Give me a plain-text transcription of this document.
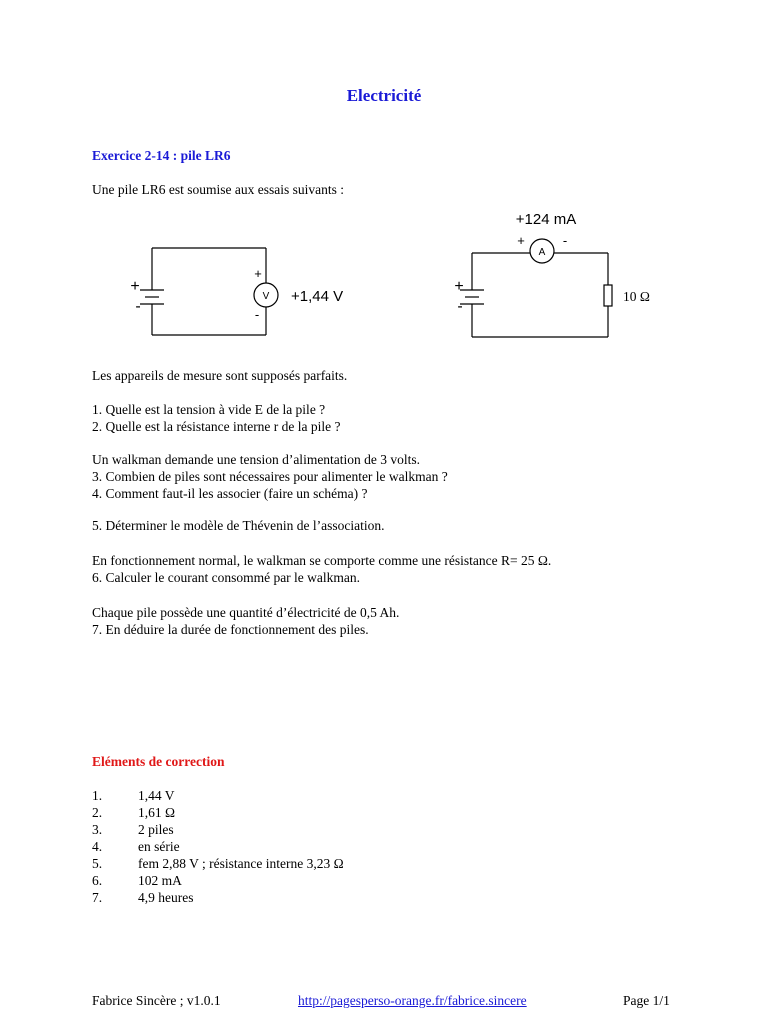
Electricité
Exercice 2-14 : pile LR6
Une pile LR6 est soumise aux essais suivants :
+
-
V
+
-
+1,44 V
+124 mA
A
+	-
+
-
10 Ω
Les appareils de mesure sont supposés parfaits.
1. Quelle est la tension à vide E de la pile ?
2. Quelle est la résistance interne r de la pile ?
Un walkman demande une tension d’alimentation de 3 volts.
3. Combien de piles sont nécessaires pour alimenter le walkman ?
4. Comment faut-il les associer (faire un schéma) ?
5. Déterminer le modèle de Thévenin de l’association.
En fonctionnement normal, le walkman se comporte comme une résistance R= 25 Ω.
6. Calculer le courant consommé par le walkman.
Chaque pile possède une quantité d’électricité de 0,5 Ah.
7. En déduire la durée de fonctionnement des piles.
Eléments de correction
1.	1,44 V
2.	1,61 Ω
3.	2 piles
4.	en série
5.	fem 2,88 V ; résistance interne 3,23 Ω
6.	102 mA
7.	4,9 heures
Fabrice Sincère ; v1.0.1	http://pagesperso-orange.fr/fabrice.sincere	Page 1/1
